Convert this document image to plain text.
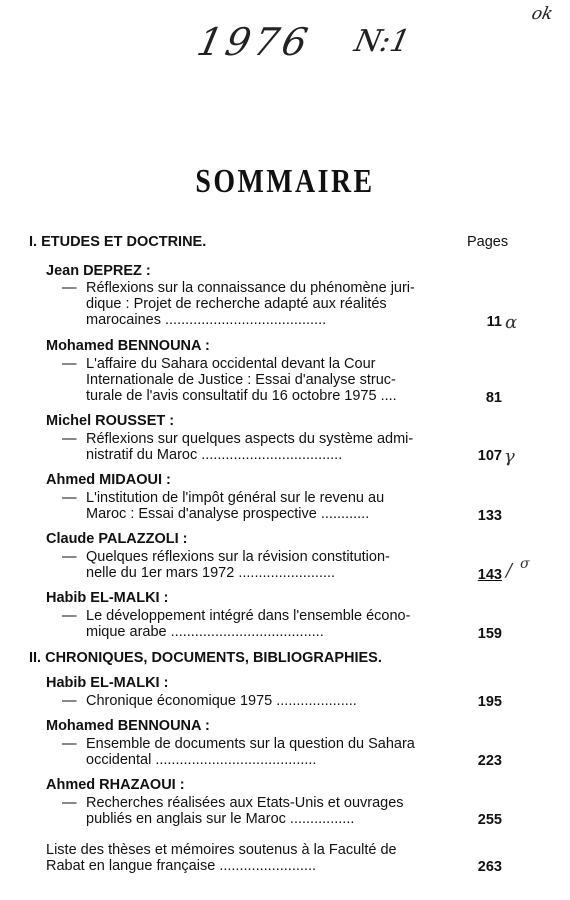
1976 N:1
ok
SOMMAIRE
I. ETUDES ET DOCTRINE.	Pages
Jean DEPREZ :
— Réflexions sur la connaissance du phénomène juri-
dique : Projet de recherche adapté aux réalités
marocaines ........................................	11 α
Mohamed BENNOUNA :
— L'affaire du Sahara occidental devant la Cour
Internationale de Justice : Essai d'analyse struc-
turale de l'avis consultatif du 16 octobre 1975 ....	81
Michel ROUSSET :
— Réflexions sur quelques aspects du système admi-
nistratif du Maroc ...................................	107 γ
Ahmed MIDAOUI :
— L'institution de l'impôt général sur le revenu au
Maroc : Essai d'analyse prospective ............	133
Claude PALAZZOLI :
— Quelques réflexions sur la révision constitution-
nelle du 1er mars 1972 ........................	143 / σ
Habib EL-MALKI :
— Le développement intégré dans l'ensemble écono-
mique arabe ......................................	159
II. CHRONIQUES, DOCUMENTS, BIBLIOGRAPHIES.
Habib EL-MALKI :
— Chronique économique 1975 ....................	195
Mohamed BENNOUNA :
— Ensemble de documents sur la question du Sahara
occidental ........................................	223
Ahmed RHAZAOUI :
— Recherches réalisées aux Etats-Unis et ouvrages
publiés en anglais sur le Maroc ................	255
Liste des thèses et mémoires soutenus à la Faculté de
Rabat en langue française ........................	263
